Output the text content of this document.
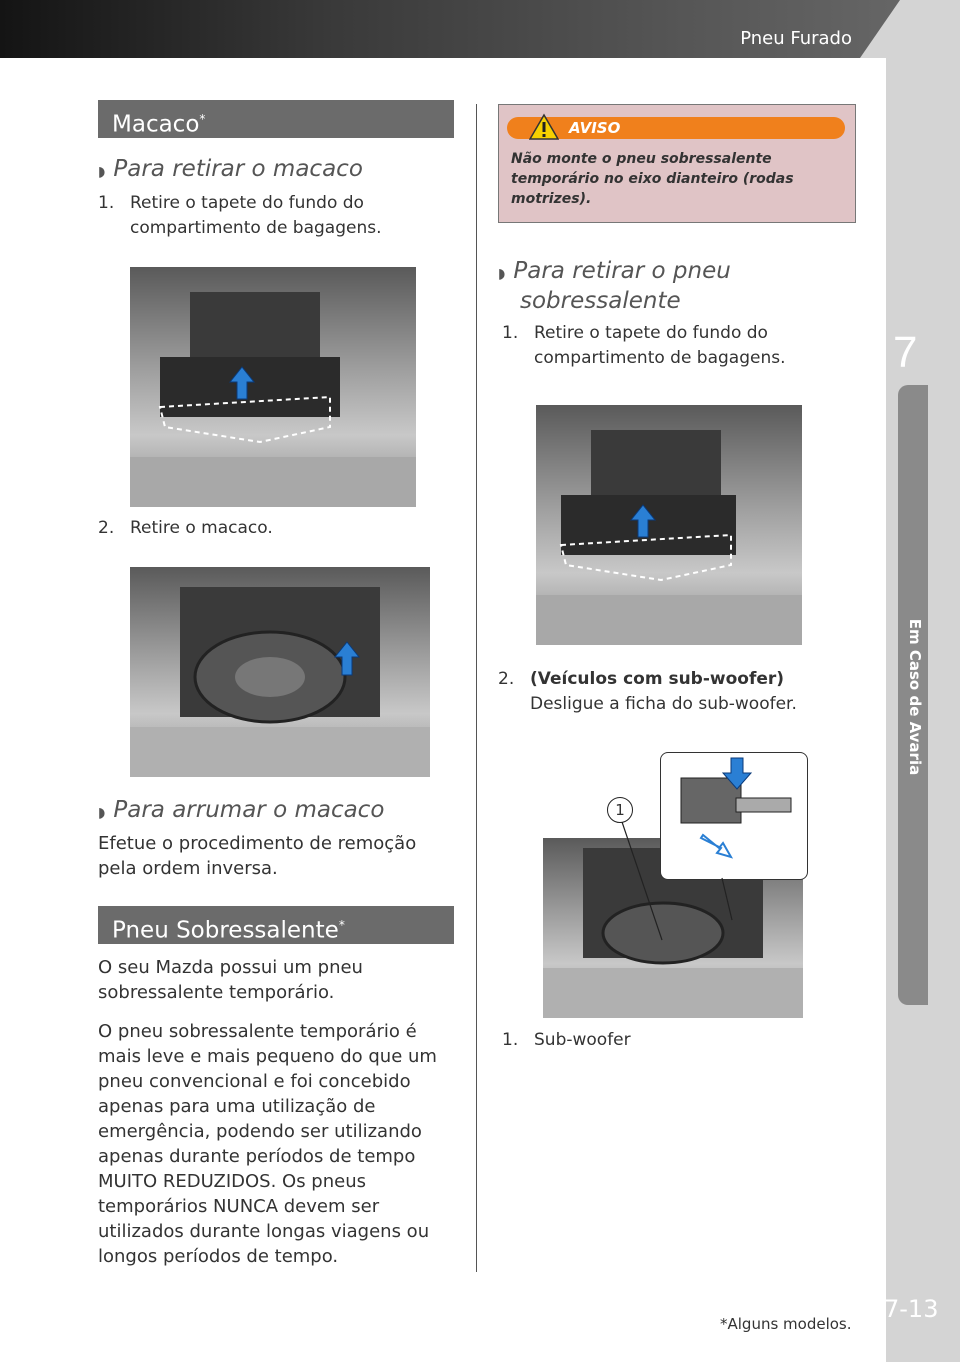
Pneu Furado
7
Em Caso de Avaria
7-13
*Alguns modelos.
Macaco*
◗ Para retirar o macaco
1. Retire o tapete do fundo do compartimento de bagagens.
2. Retire o macaco.
◗ Para arrumar o macaco
Efetue o procedimento de remoção pela ordem inversa.
Pneu Sobressalente*
O seu Mazda possui um pneu sobressalente temporário.
O pneu sobressalente temporário é mais leve e mais pequeno do que um pneu convencional e foi concebido apenas para uma utilização de emergência, podendo ser utilizando apenas durante períodos de tempo MUITO REDUZIDOS. Os pneus temporários NUNCA devem ser utilizados durante longas viagens ou longos períodos de tempo.
AVISO
Não monte o pneu sobressalente temporário no eixo dianteiro (rodas motrizes).
◗ Para retirar o pneu
sobressalente
1. Retire o tapete do fundo do compartimento de bagagens.
2. (Veículos com sub-woofer)
Desligue a ficha do sub-woofer.
1
1. Sub-woofer
